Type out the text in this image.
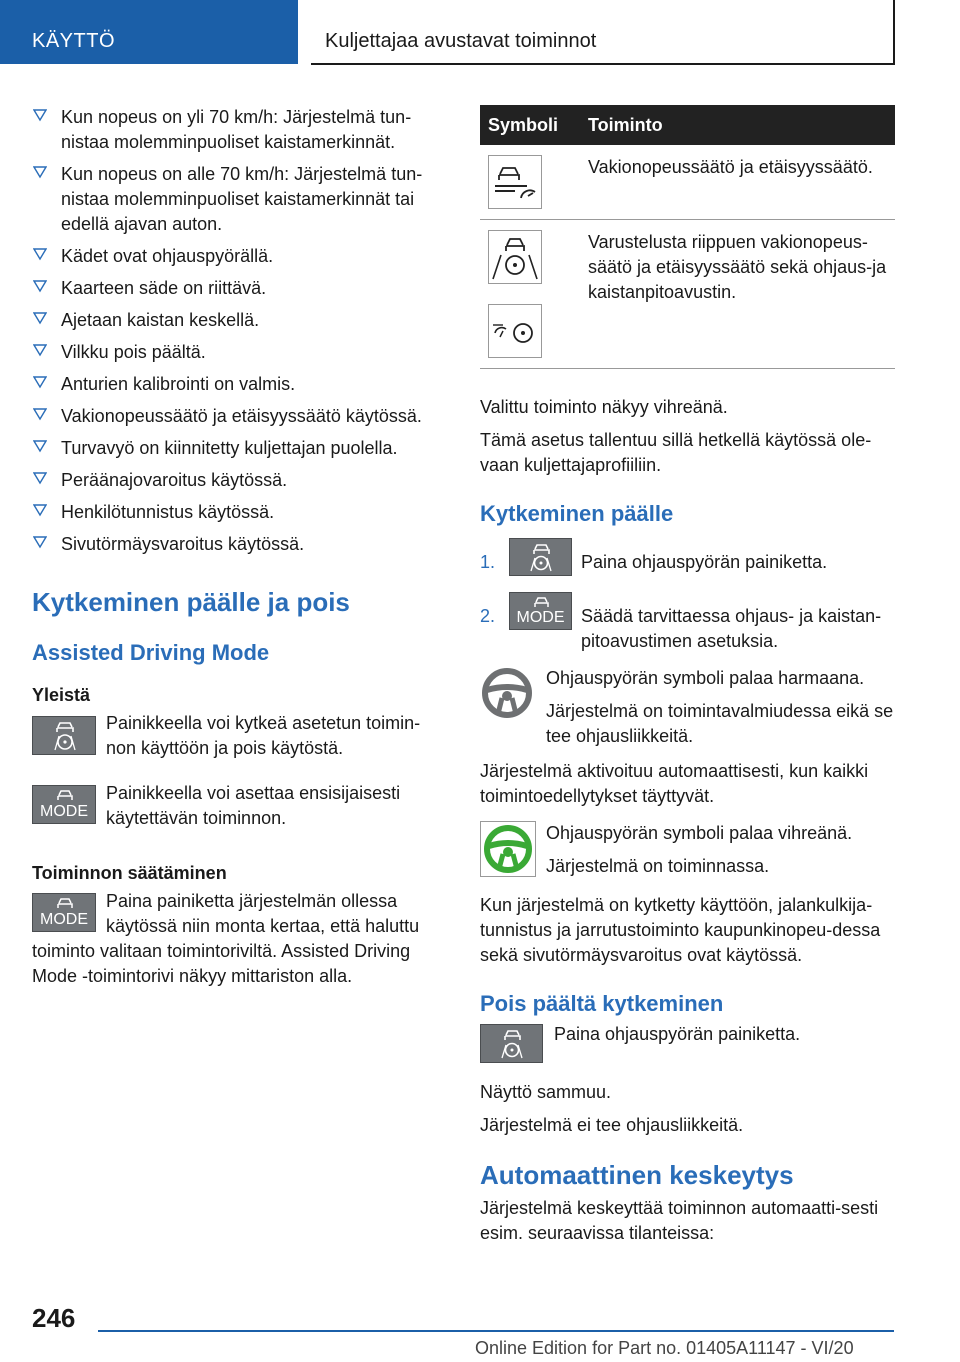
KÄYTTÖ	Kuljettajaa avustavat toiminnot
Kun nopeus on yli 70 km/h: Järjestelmä tun-nistaa molemminpuoliset kaistamerkinnät.
Kun nopeus on alle 70 km/h: Järjestelmä tun-nistaa molemminpuoliset kaistamerkinnät tai edellä ajavan auton.
Kädet ovat ohjauspyörällä.
Kaarteen säde on riittävä.
Ajetaan kaistan keskellä.
Vilkku pois päältä.
Anturien kalibrointi on valmis.
Vakionopeussäätö ja etäisyyssäätö käytössä.
Turvavyö on kiinnitetty kuljettajan puolella.
Peräänajovaroitus käytössä.
Henkilötunnistus käytössä.
Sivutörmäysvaroitus käytössä.
Kytkeminen päälle ja pois
Assisted Driving Mode
Yleistä

Painikkeella voi kytkeä asetetun toimin-non käyttöön ja pois käytöstä.

MODE

Painikkeella voi asettaa ensisijaisesti käytettävän toiminnon.

Toiminnon säätäminen
MODE

Paina painiketta järjestelmän ollessa käytössä niin monta kertaa, että haluttu toiminto valitaan toimintoriviltä. Assisted Driving Mode -toimintorivi näkyy mittariston alla.

Symboli	Toiminto

	Vakionopeussäätö ja etäisyyssäätö.

	Varustelusta riippuen vakionopeus-säätö ja etäisyyssäätö sekä ohjaus-ja kaistanpitoavustin.

Valittu toiminto näkyy vihreänä.

Tämä asetus tallentuu sillä hetkellä käytössä ole-vaan kuljettajaprofiiliin.

Kytkeminen päälle
1.	Paina ohjauspyörän painiketta.
2.	MODE Säädä tarvittaessa ohjaus- ja kaistan-pitoavustimen asetuksia.

Ohjauspyörän symboli palaa harmaana.

Järjestelmä on toimintavalmiudessa eikä se tee ohjausliikkeitä.

Järjestelmä aktivoituu automaattisesti, kun kaikki toimintoedellytykset täyttyvät.

Ohjauspyörän symboli palaa vihreänä.

Järjestelmä on toiminnassa.

Kun järjestelmä on kytketty käyttöön, jalankulkija-tunnistus ja jarrutustoiminto kaupunkinopeu-dessa sekä sivutörmäysvaroitus ovat käytössä.

Pois päältä kytkeminen

Paina ohjauspyörän painiketta.

Näyttö sammuu.

Järjestelmä ei tee ohjausliikkeitä.

Automaattinen keskeytys

Järjestelmä keskeyttää toiminnon automaatti-sesti esim. seuraavissa tilanteissa:

246
Online Edition for Part no. 01405A11147 - VI/20
